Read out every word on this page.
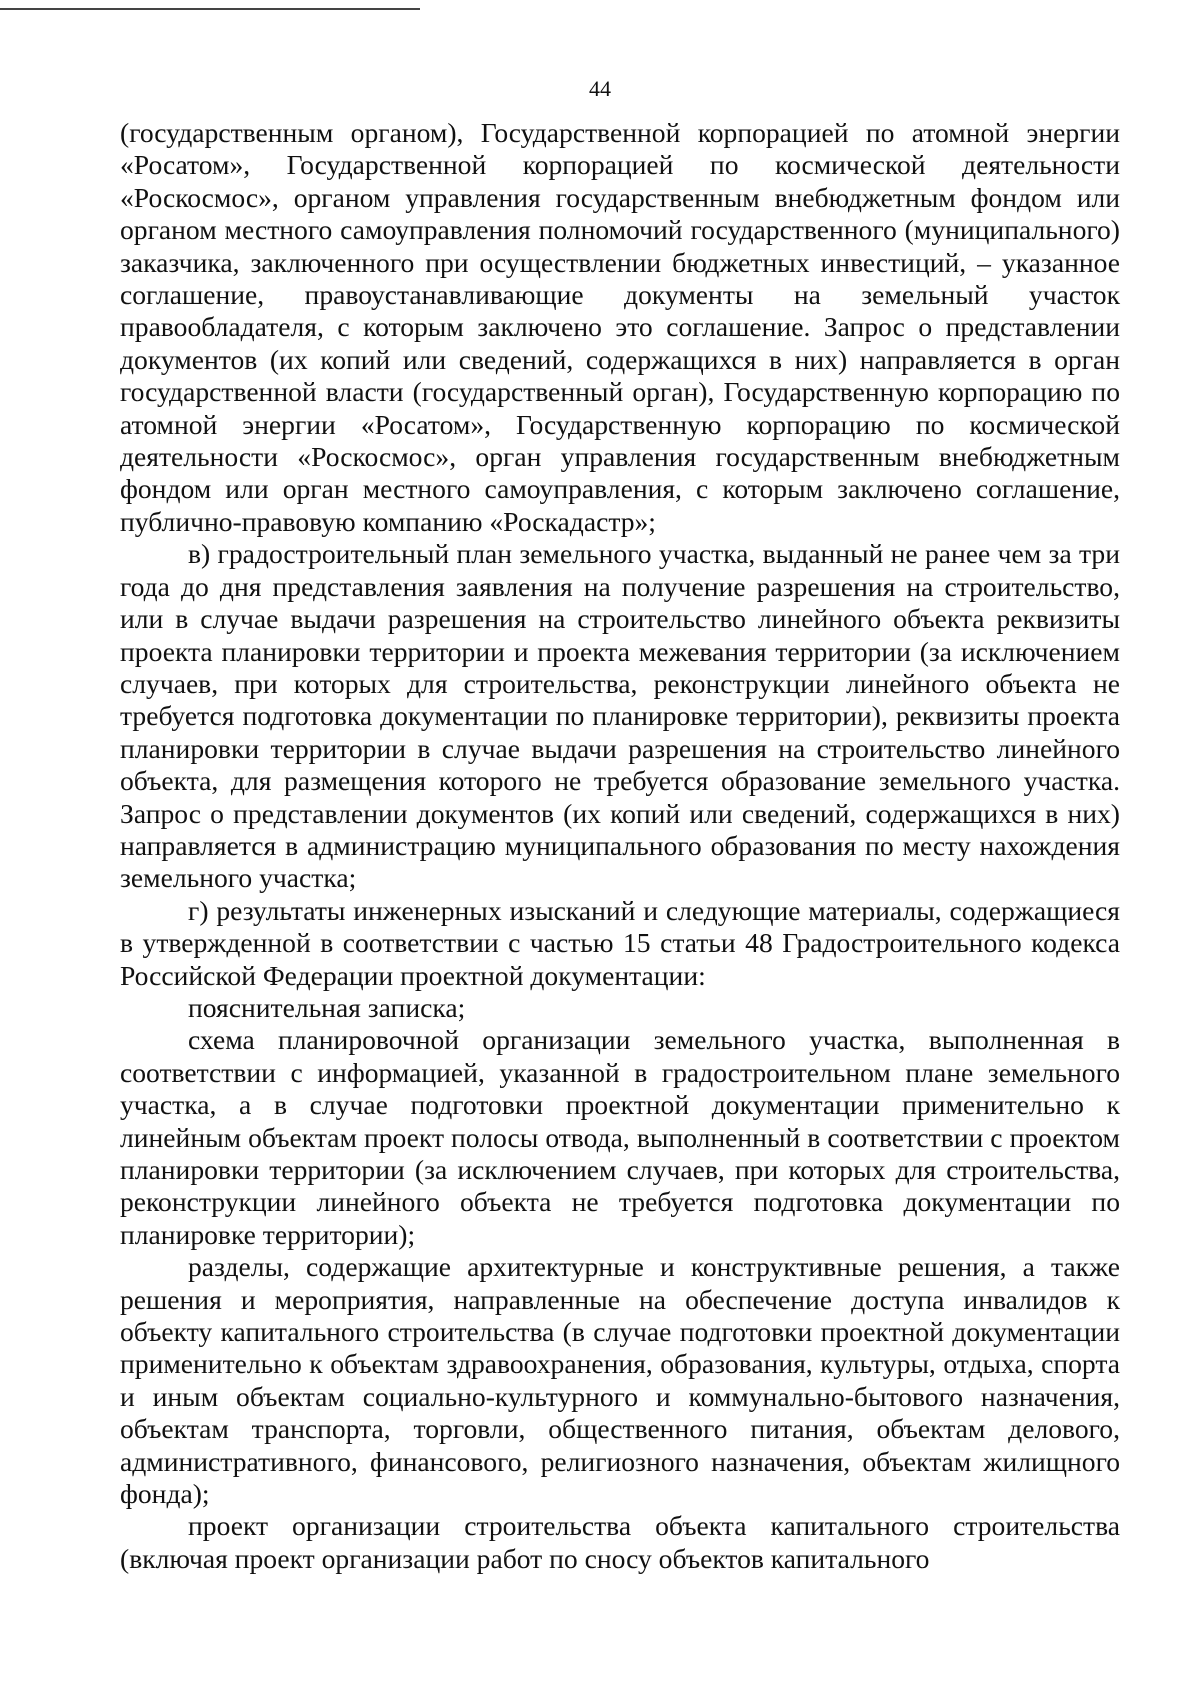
44

(государственным органом), Государственной корпорацией по атомной энергии «Росатом», Государственной корпорацией по космической деятельности «Роскосмос», органом управления государственным внебюджетным фондом или органом местного самоуправления полномочий государственного (муниципального) заказчика, заключенного при осуществлении бюджетных инвестиций, – указанное соглашение, правоустанавливающие документы на земельный участок правообладателя, с которым заключено это соглашение. Запрос о представлении документов (их копий или сведений, содержащихся в них) направляется в орган государственной власти (государственный орган), Государственную корпорацию по атомной энергии «Росатом», Государственную корпорацию по космической деятельности «Роскосмос», орган управления государственным внебюджетным фондом или орган местного самоуправления, с которым заключено соглашение, публично-правовую компанию «Роскадастр»;

в) градостроительный план земельного участка, выданный не ранее чем за три года до дня представления заявления на получение разрешения на строительство, или в случае выдачи разрешения на строительство линейного объекта реквизиты проекта планировки территории и проекта межевания территории (за исключением случаев, при которых для строительства, реконструкции линейного объекта не требуется подготовка документации по планировке территории), реквизиты проекта планировки территории в случае выдачи разрешения на строительство линейного объекта, для размещения которого не требуется образование земельного участка. Запрос о представлении документов (их копий или сведений, содержащихся в них) направляется в администрацию муниципального образования по месту нахождения земельного участка;

г) результаты инженерных изысканий и следующие материалы, содержащиеся в утвержденной в соответствии с частью 15 статьи 48 Градостроительного кодекса Российской Федерации проектной документации:

пояснительная записка;

схема планировочной организации земельного участка, выполненная в соответствии с информацией, указанной в градостроительном плане земельного участка, а в случае подготовки проектной документации применительно к линейным объектам проект полосы отвода, выполненный в соответствии с проектом планировки территории (за исключением случаев, при которых для строительства, реконструкции линейного объекта не требуется подготовка документации по планировке территории);

разделы, содержащие архитектурные и конструктивные решения, а также решения и мероприятия, направленные на обеспечение доступа инвалидов к объекту капитального строительства (в случае подготовки проектной документации применительно к объектам здравоохранения, образования, культуры, отдыха, спорта и иным объектам социально-культурного и коммунально-бытового назначения, объектам транспорта, торговли, общественного питания, объектам делового, административного, финансового, религиозного назначения, объектам жилищного фонда);

проект организации строительства объекта капитального строительства (включая проект организации работ по сносу объектов капитального
